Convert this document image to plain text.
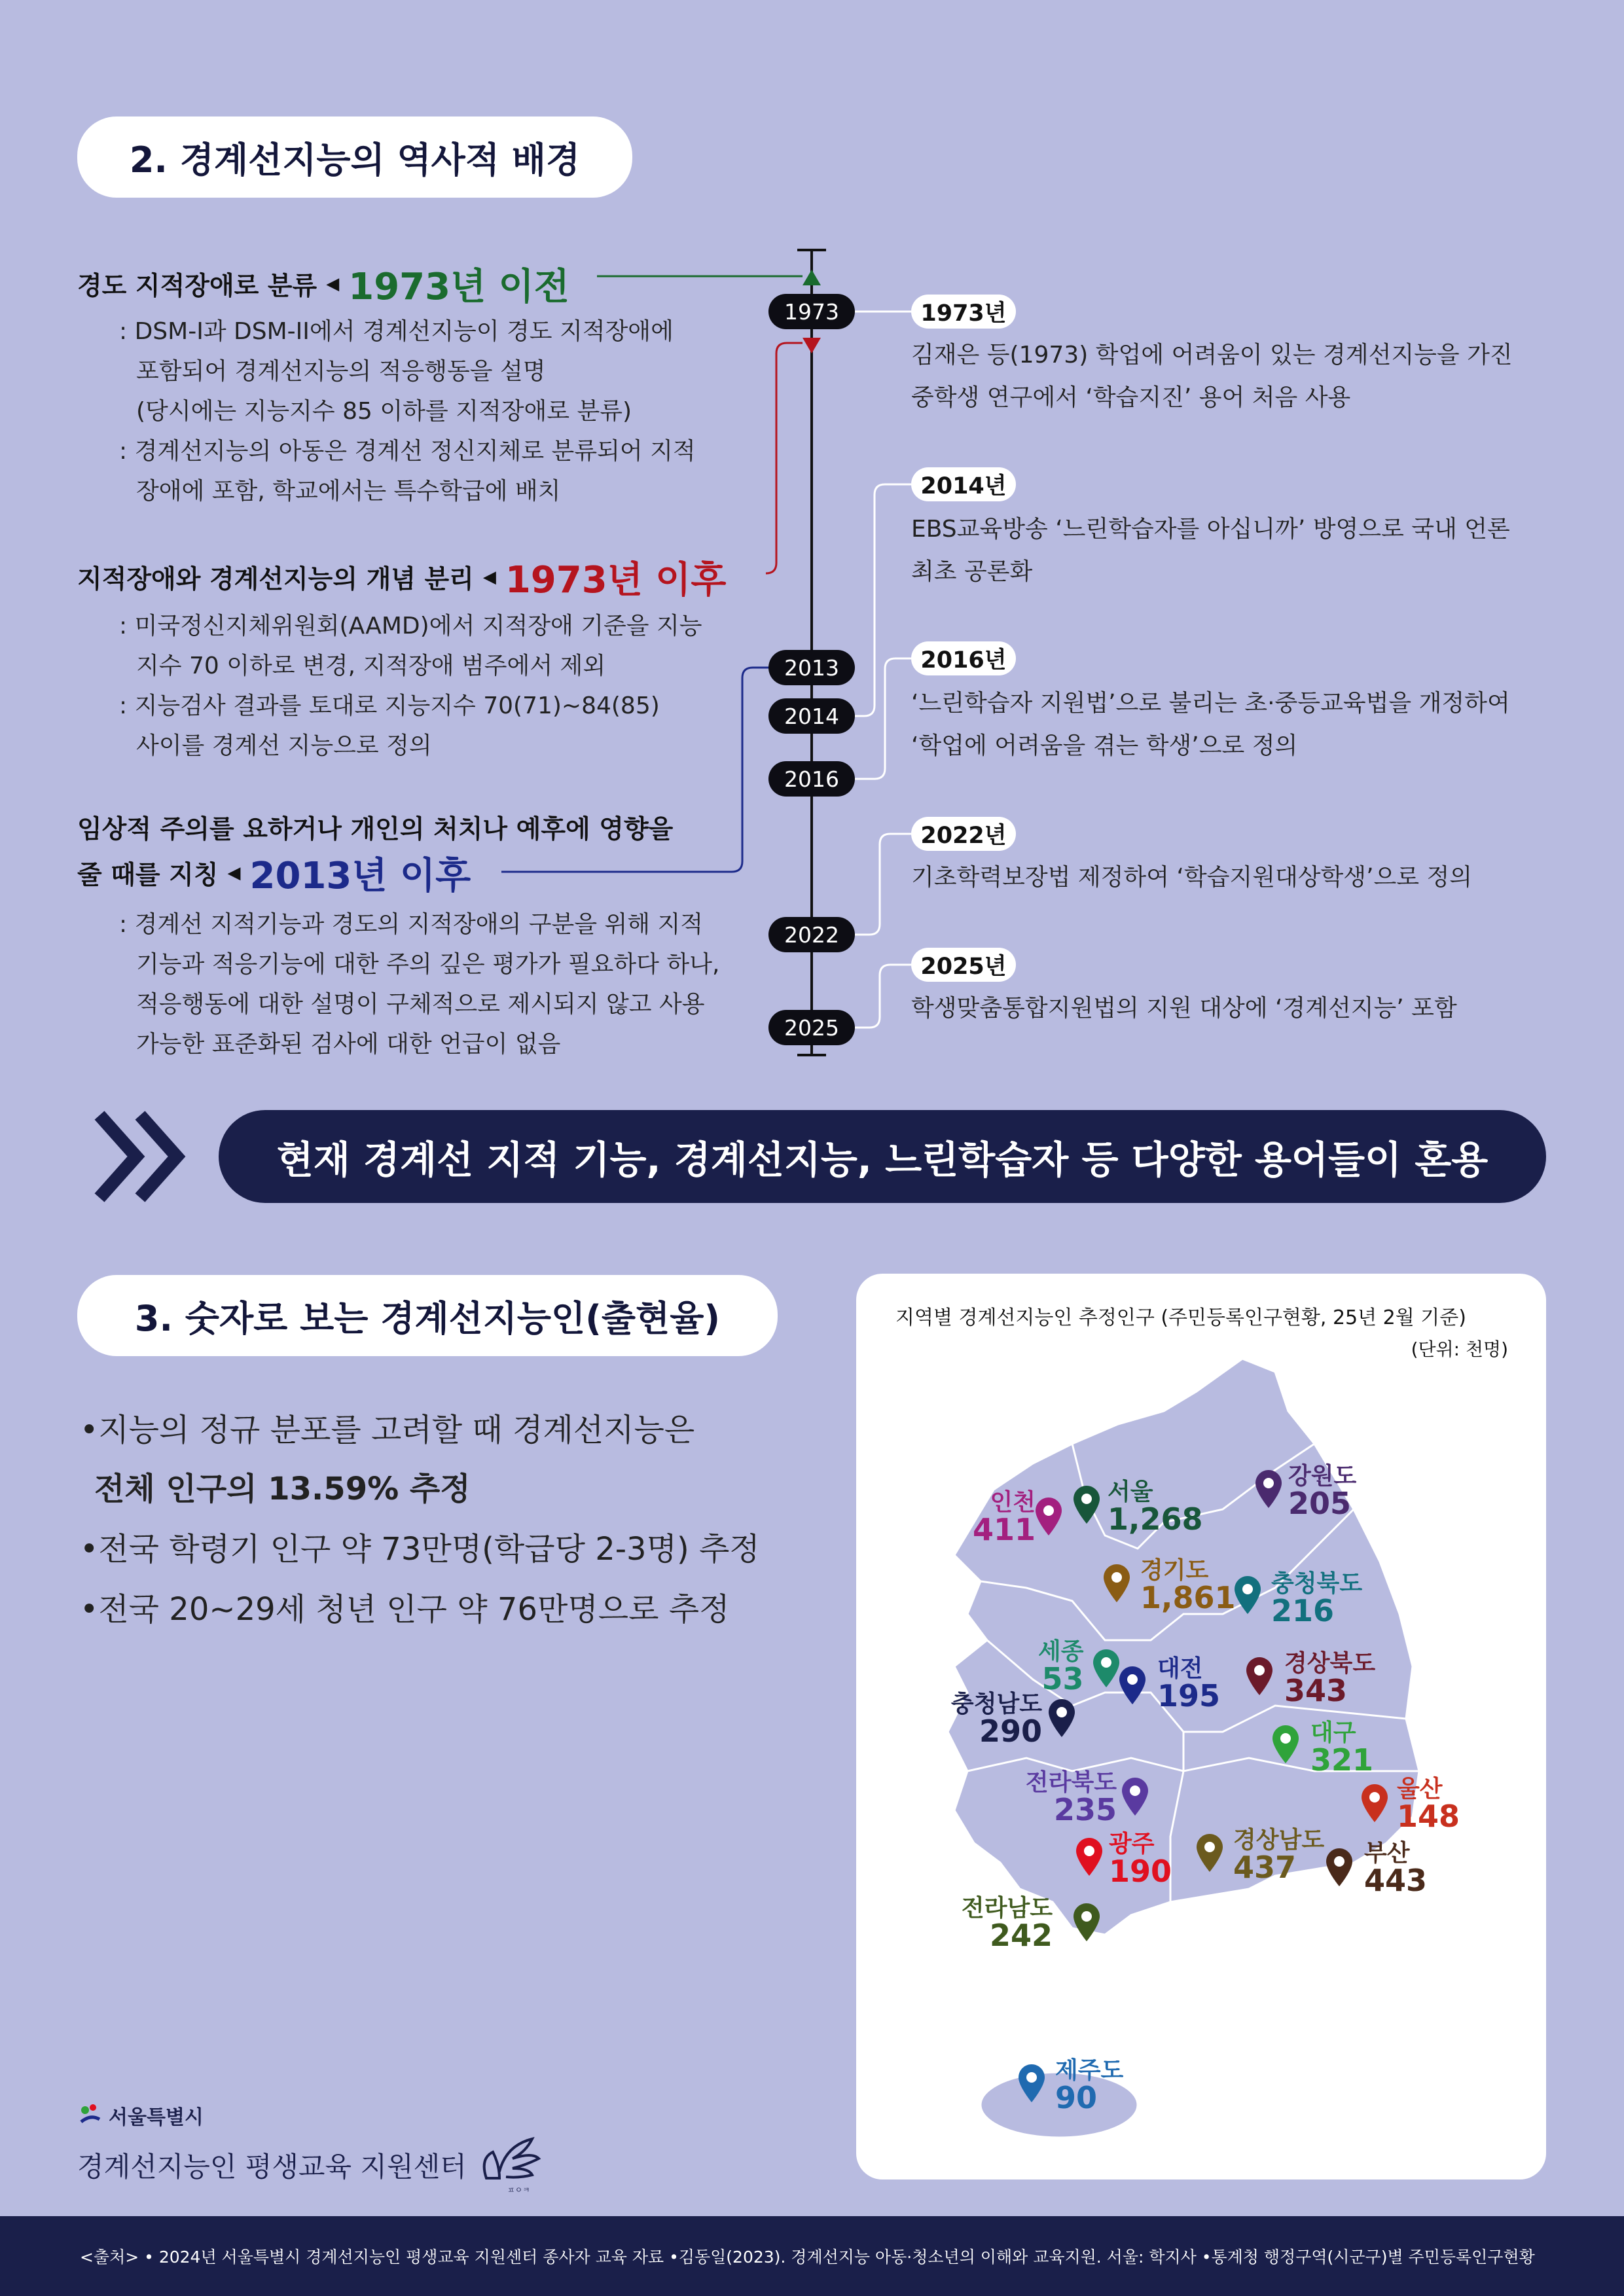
2. 경계선지능의 역사적 배경
경도 지적장애로 분류 ◀ 1973년 이전
: DSM-I과 DSM-II에서 경계선지능이 경도 지적장애에
포함되어 경계선지능의 적응행동을 설명
(당시에는 지능지수 85 이하를 지적장애로 분류)
: 경계선지능의 아동은 경계선 정신지체로 분류되어 지적
장애에 포함, 학교에서는 특수학급에 배치
지적장애와 경계선지능의 개념 분리 ◀ 1973년 이후
: 미국정신지체위원회(AAMD)에서 지적장애 기준을 지능
지수 70 이하로 변경, 지적장애 범주에서 제외
: 지능검사 결과를 토대로 지능지수 70(71)~84(85)
사이를 경계선 지능으로 정의
임상적 주의를 요하거나 개인의 처치나 예후에 영향을
줄 때를 지칭 ◀ 2013년 이후
: 경계선 지적기능과 경도의 지적장애의 구분을 위해 지적
기능과 적응기능에 대한 주의 깊은 평가가 필요하다 하나,
적응행동에 대한 설명이 구체적으로 제시되지 않고 사용
가능한 표준화된 검사에 대한 언급이 없음
1973
2013
2014
2016
2022
2025
1973년
김재은 등(1973) 학업에 어려움이 있는 경계선지능을 가진
중학생 연구에서 ‘학습지진’ 용어 처음 사용
2014년
EBS교육방송 ‘느린학습자를 아십니까’ 방영으로 국내 언론
최초 공론화
2016년
‘느린학습자 지원법’으로 불리는 초·중등교육법을 개정하여
‘학업에 어려움을 겪는 학생’으로 정의
2022년
기초학력보장법 제정하여 ‘학습지원대상학생’으로 정의
2025년
학생맞춤통합지원법의 지원 대상에 ‘경계선지능’ 포함
현재 경계선 지적 기능, 경계선지능, 느린학습자 등 다양한 용어들이 혼용
3. 숫자로 보는 경계선지능인(출현율)
•지능의 정규 분포를 고려할 때 경계선지능은
전체 인구의 13.59% 추정
•전국 학령기 인구 약 73만명(학급당 2-3명) 추정
•전국 20~29세 청년 인구 약 76만명으로 추정
지역별 경계선지능인 추정인구 (주민등록인구현황, 25년 2월 기준)
(단위: 천명)
인천
411
서울
1,268
강원도
205
경기도
1,861 충청북도
216
세종
53	대전
195
경상북도
343
충청남도
290	대구
321
전라북도
235
울산
148
광주
190
경상남도
437	부산
443
전라남도
242
제주도
90
서울특별시
경계선지능인 평생교육 지원센터
ㅍㅇㅋ
<출처> • 2024년 서울특별시 경계선지능인 평생교육 지원센터 종사자 교육 자료 •김동일(2023). 경계선지능 아동·청소년의 이해와 교육지원. 서울: 학지사 •통계청 행정구역(시군구)별 주민등록인구현황
